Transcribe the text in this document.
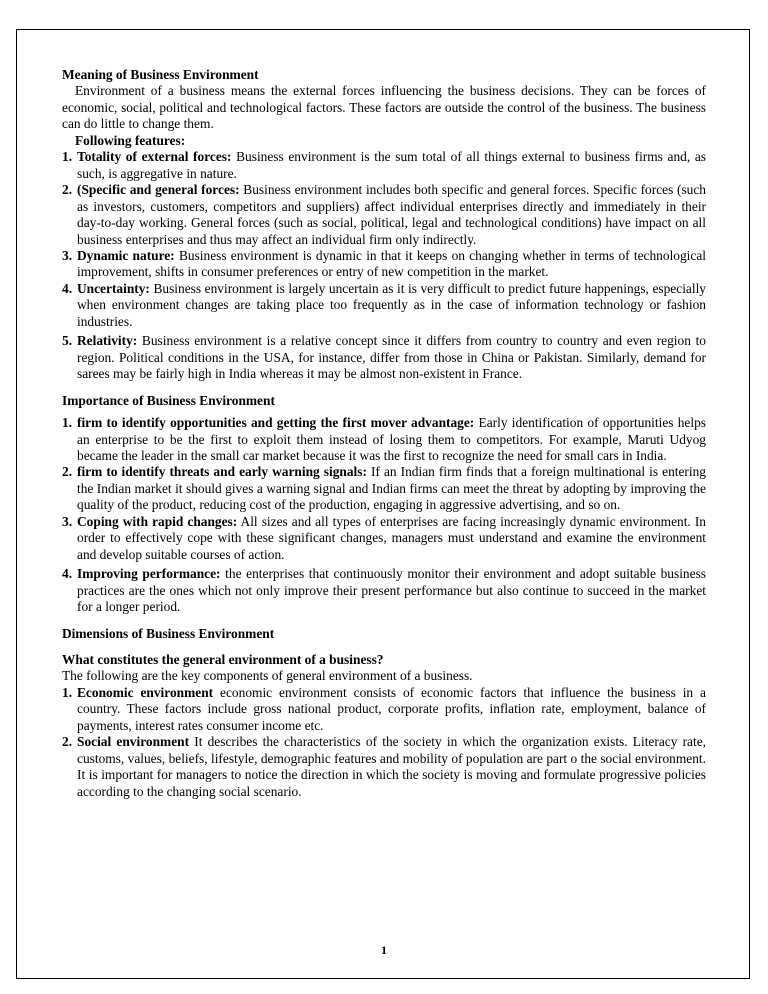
Meaning of Business Environment

Environment of a business means the external forces influencing the business decisions. They can be forces of economic, social, political and technological factors. These factors are outside the control of the business. The business can do little to change them.

Following features:

1. Totality of external forces: Business environment is the sum total of all things external to business firms and, as such, is aggregative in nature.
2. (Specific and general forces: Business environment includes both specific and general forces. Specific forces (such as investors, customers, competitors and suppliers) affect individual enterprises directly and immediately in their day-to-day working. General forces (such as social, political, legal and technological conditions) have impact on all business enterprises and thus may affect an individual firm only indirectly.
3. Dynamic nature: Business environment is dynamic in that it keeps on changing whether in terms of technological improvement, shifts in consumer preferences or entry of new competition in the market.
4. Uncertainty: Business environment is largely uncertain as it is very difficult to predict future happenings, especially when environment changes are taking place too frequently as in the case of information technology or fashion industries.
5. Relativity: Business environment is a relative concept since it differs from country to country and even region to region. Political conditions in the USA, for instance, differ from those in China or Pakistan. Similarly, demand for sarees may be fairly high in India whereas it may be almost non-existent in France.

Importance of Business Environment

1. firm to identify opportunities and getting the first mover advantage: Early identification of opportunities helps an enterprise to be the first to exploit them instead of losing them to competitors. For example, Maruti Udyog became the leader in the small car market because it was the first to recognize the need for small cars in India.
2. firm to identify threats and early warning signals: If an Indian firm finds that a foreign multinational is entering the Indian market it should gives a warning signal and Indian firms can meet the threat by adopting by improving the quality of the product, reducing cost of the production, engaging in aggressive advertising, and so on.
3. Coping with rapid changes: All sizes and all types of enterprises are facing increasingly dynamic environment. In order to effectively cope with these significant changes, managers must understand and examine the environment and develop suitable courses of action.
4. Improving performance: the enterprises that continuously monitor their environment and adopt suitable business practices are the ones which not only improve their present performance but also continue to succeed in the market for a longer period.

Dimensions of Business Environment

What constitutes the general environment of a business?

The following are the key components of general environment of a business.

1. Economic environment economic environment consists of economic factors that influence the business in a country. These factors include gross national product, corporate profits, inflation rate, employment, balance of payments, interest rates consumer income etc.
2. Social environment It describes the characteristics of the society in which the organization exists. Literacy rate, customs, values, beliefs, lifestyle, demographic features and mobility of population are part o the social environment. It is important for managers to notice the direction in which the society is moving and formulate progressive policies according to the changing social scenario.
1
